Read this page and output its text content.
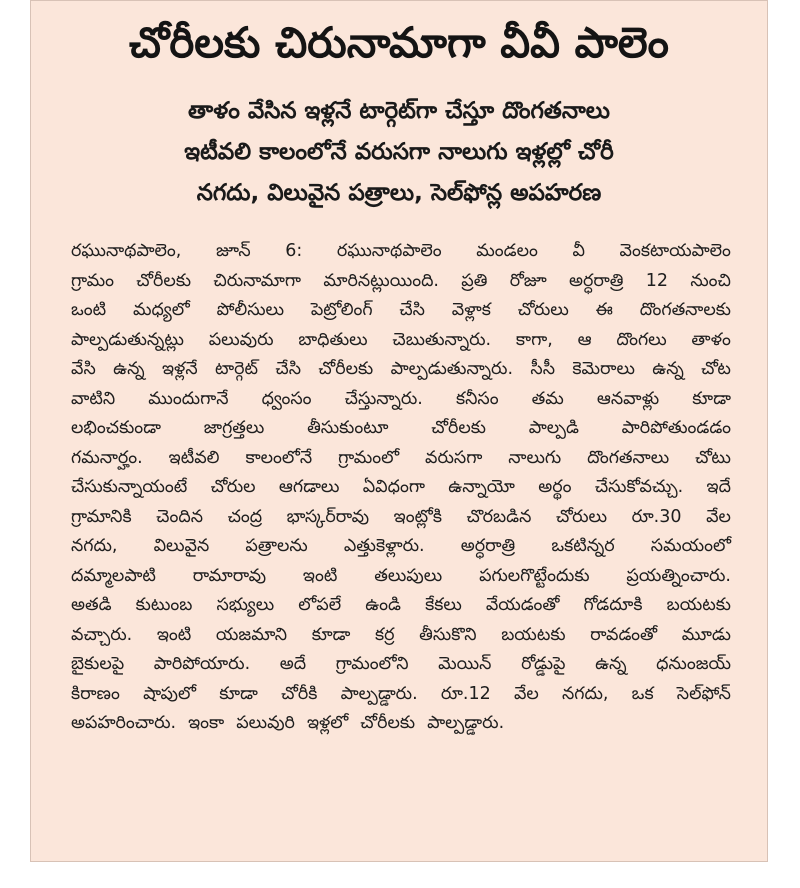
చోరీలకు చిరునామాగా వీవీ పాలెం
తాళం వేసిన ఇళ్లనే టార్గెట్‌గా చేస్తూ దొంగతనాలు
ఇటీవలి కాలంలోనే వరుసగా నాలుగు ఇళ్లల్లో చోరీ
నగదు, విలువైన పత్రాలు, సెల్‌ఫోన్ల అపహరణ
రఘునాథపాలెం, జూన్ 6: రఘునాథపాలెం మండలం వీ వెంకటాయపాలెం
గ్రామం చోరీలకు చిరునామాగా మారినట్లుయింది. ప్రతి రోజూ అర్ధరాత్రి 12 నుంచి
ఒంటి మధ్యలో పోలీసులు పెట్రోలింగ్ చేసి వెళ్లాక చోరులు ఈ దొంగతనాలకు
పాల్పడుతున్నట్లు పలువురు బాధితులు చెబుతున్నారు. కాగా, ఆ దొంగలు తాళం
వేసి ఉన్న ఇళ్లనే టార్గెట్ చేసి చోరీలకు పాల్పడుతున్నారు. సీసీ కెమెరాలు ఉన్న చోట
వాటిని ముందుగానే ధ్వంసం చేస్తున్నారు. కనీసం తమ ఆనవాళ్లు కూడా
లభించకుండా జాగ్రత్తలు తీసుకుంటూ చోరీలకు పాల్పడి పారిపోతుండడం
గమనార్హం. ఇటీవలి కాలంలోనే గ్రామంలో వరుసగా నాలుగు దొంగతనాలు చోటు
చేసుకున్నాయంటే చోరుల ఆగడాలు ఏవిధంగా ఉన్నాయో అర్థం చేసుకోవచ్చు. ఇదే
గ్రామానికి చెందిన చంద్ర భాస్కర్‌రావు ఇంట్లోకి చొరబడిన చోరులు రూ.30 వేల
నగదు, విలువైన పత్రాలను ఎత్తుకెళ్లారు. అర్ధరాత్రి ఒకటిన్నర సమయంలో
దమ్మాలపాటి రామారావు ఇంటి తలుపులు పగులగొట్టేందుకు ప్రయత్నించారు.
అతడి కుటుంబ సభ్యులు లోపలే ఉండి కేకలు వేయడంతో గోడదూకి బయటకు
వచ్చారు. ఇంటి యజమాని కూడా కర్ర తీసుకొని బయటకు రావడంతో మూడు
బైకులపై పారిపోయారు. అదే గ్రామంలోని మెయిన్ రోడ్డుపై ఉన్న ధనుంజయ్
కిరాణం షాపులో కూడా చోరీకి పాల్పడ్డారు. రూ.12 వేల నగదు, ఒక సెల్‌ఫోన్
అపహరించారు. ఇంకా పలువురి ఇళ్లలో చోరీలకు పాల్పడ్డారు.
